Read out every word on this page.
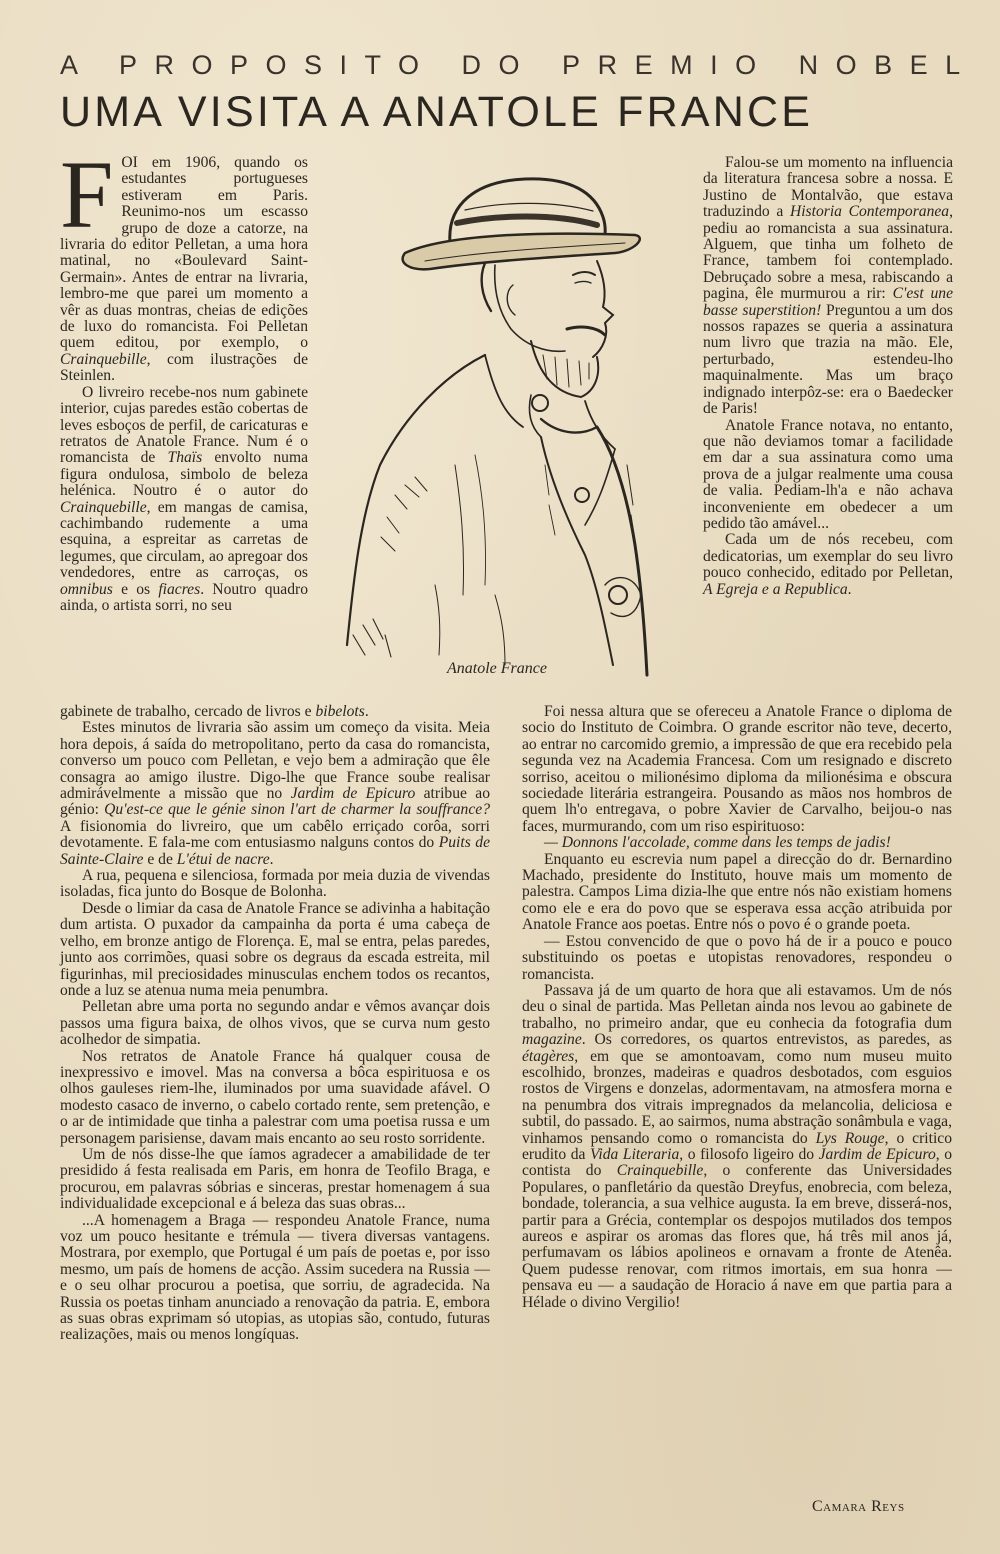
A PROPOSITO DO PREMIO NOBEL
UMA VISITA A ANATOLE FRANCE
F OI em 1906, quando os estudantes portugueses estiveram em Paris. Reunimo-nos um escasso grupo de doze a catorze, na livraria do editor Pelletan, a uma hora matinal, no «Boulevard Saint-Germain». Antes de entrar na livraria, lembro-me que parei um momento a vêr as duas montras, cheias de edições de luxo do romancista. Foi Pelletan quem editou, por exemplo, o Crainquebille, com ilustrações de Steinlen.

O livreiro recebe-nos num gabinete interior, cujas paredes estão cobertas de leves esboços de perfil, de caricaturas e retratos de Anatole France. Num é o romancista de Thaïs envolto numa figura ondulosa, simbolo de beleza helénica. Noutro é o autor do Crainquebille, em mangas de camisa, cachimbando rudemente a uma esquina, a espreitar as carretas de legumes, que circulam, ao apregoar dos vendedores, entre as carroças, os omnibus e os fiacres. Noutro quadro ainda, o artista sorri, no seu

Anatole France

Falou-se um momento na influencia da literatura francesa sobre a nossa. E Justino de Montalvão, que estava traduzindo a Historia Contemporanea, pediu ao romancista a sua assinatura. Alguem, que tinha um folheto de France, tambem foi contemplado. Debruçado sobre a mesa, rabiscando a pagina, êle murmurou a rir: C'est une basse superstition! Preguntou a um dos nossos rapazes se queria a assinatura num livro que trazia na mão. Ele, perturbado, estendeu-lho maquinalmente. Mas um braço indignado interpôz-se: era o Baedecker de Paris!

Anatole France notava, no entanto, que não deviamos tomar a facilidade em dar a sua assinatura como uma prova de a julgar realmente uma cousa de valia. Pediam-lh'a e não achava inconveniente em obedecer a um pedido tão amável...

Cada um de nós recebeu, com dedicatorias, um exemplar do seu livro pouco conhecido, editado por Pelletan, A Egreja e a Republica.

gabinete de trabalho, cercado de livros e bibelots.

Estes minutos de livraria são assim um começo da visita. Meia hora depois, á saída do metropolitano, perto da casa do romancista, converso um pouco com Pelletan, e vejo bem a admiração que êle consagra ao amigo ilustre. Digo-lhe que France soube realisar admirávelmente a missão que no Jardim de Epicuro atribue ao génio: Qu'est-ce que le génie sinon l'art de charmer la souffrance? A fisionomia do livreiro, que um cabêlo erriçado corôa, sorri devotamente. E fala-me com entusiasmo nalguns contos do Puits de Sainte-Claire e de L'étui de nacre.

A rua, pequena e silenciosa, formada por meia duzia de vivendas isoladas, fica junto do Bosque de Bolonha.

Desde o limiar da casa de Anatole France se adivinha a habitação dum artista. O puxador da campainha da porta é uma cabeça de velho, em bronze antigo de Florença. E, mal se entra, pelas paredes, junto aos corrimões, quasi sobre os degraus da escada estreita, mil figurinhas, mil preciosidades minusculas enchem todos os recantos, onde a luz se atenua numa meia penumbra.

Pelletan abre uma porta no segundo andar e vêmos avançar dois passos uma figura baixa, de olhos vivos, que se curva num gesto acolhedor de simpatia.

Nos retratos de Anatole France há qualquer cousa de inexpressivo e imovel. Mas na conversa a bôca espirituosa e os olhos gauleses riem-lhe, iluminados por uma suavidade afável. O modesto casaco de inverno, o cabelo cortado rente, sem pretenção, e o ar de intimidade que tinha a palestrar com uma poetisa russa e um personagem parisiense, davam mais encanto ao seu rosto sorridente.

Um de nós disse-lhe que íamos agradecer a amabilidade de ter presidido á festa realisada em Paris, em honra de Teofilo Braga, e procurou, em palavras sóbrias e sinceras, prestar homenagem á sua individualidade excepcional e á beleza das suas obras...

...A homenagem a Braga — respondeu Anatole France, numa voz um pouco hesitante e trémula — tivera diversas vantagens. Mostrara, por exemplo, que Portugal é um país de poetas e, por isso mesmo, um país de homens de acção. Assim sucedera na Russia — e o seu olhar procurou a poetisa, que sorriu, de agradecida. Na Russia os poetas tinham anunciado a renovação da patria. E, embora as suas obras exprimam só utopias, as utopias são, contudo, futuras realizações, mais ou menos longíquas.

Foi nessa altura que se ofereceu a Anatole France o diploma de socio do Instituto de Coimbra. O grande escritor não teve, decerto, ao entrar no carcomido gremio, a impressão de que era recebido pela segunda vez na Academia Francesa. Com um resignado e discreto sorriso, aceitou o milionésimo diploma da milionésima e obscura sociedade literária estrangeira. Pousando as mãos nos hombros de quem lh'o entregava, o pobre Xavier de Carvalho, beijou-o nas faces, murmurando, com um riso espirituoso:

— Donnons l'accolade, comme dans les temps de jadis!

Enquanto eu escrevia num papel a direcção do dr. Bernardino Machado, presidente do Instituto, houve mais um momento de palestra. Campos Lima dizia-lhe que entre nós não existiam homens como ele e era do povo que se esperava essa acção atribuida por Anatole France aos poetas. Entre nós o povo é o grande poeta.

— Estou convencido de que o povo há de ir a pouco e pouco substituindo os poetas e utopistas renovadores, respondeu o romancista.

Passava já de um quarto de hora que ali estavamos. Um de nós deu o sinal de partida. Mas Pelletan ainda nos levou ao gabinete de trabalho, no primeiro andar, que eu conhecia da fotografia dum magazine. Os corredores, os quartos entrevistos, as paredes, as étagères, em que se amontoavam, como num museu muito escolhido, bronzes, madeiras e quadros desbotados, com esguios rostos de Virgens e donzelas, adormentavam, na atmosfera morna e na penumbra dos vitrais impregnados da melancolia, deliciosa e subtil, do passado. E, ao sairmos, numa abstração sonâmbula e vaga, vinhamos pensando como o romancista do Lys Rouge, o critico erudito da Vida Literaria, o filosofo ligeiro do Jardim de Epicuro, o contista do Crainquebille, o conferente das Universidades Populares, o panfletário da questão Dreyfus, enobrecia, com beleza, bondade, tolerancia, a sua velhice augusta. Ia em breve, disserá-nos, partir para a Grécia, contemplar os despojos mutilados dos tempos aureos e aspirar os aromas das flores que, há três mil anos já, perfumavam os lábios apolineos e ornavam a fronte de Atenêa. Quem pudesse renovar, com ritmos imortais, em sua honra — pensava eu — a saudação de Horacio á nave em que partia para a Hélade o divino Vergilio!

Camara Reys
